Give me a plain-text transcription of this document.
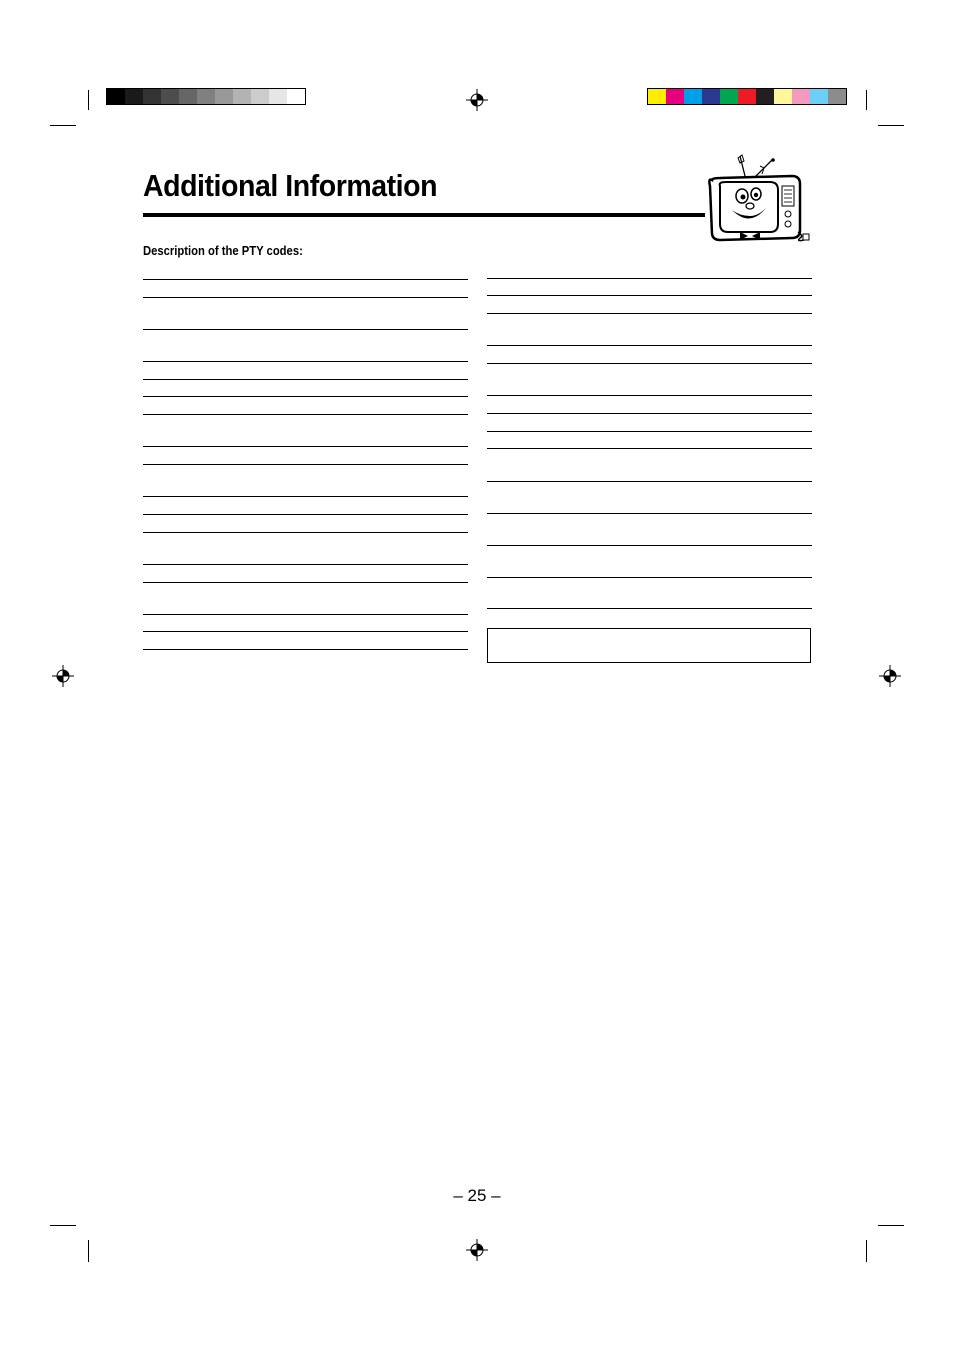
Additional Information

Description of the PTY codes:

– 25 –
